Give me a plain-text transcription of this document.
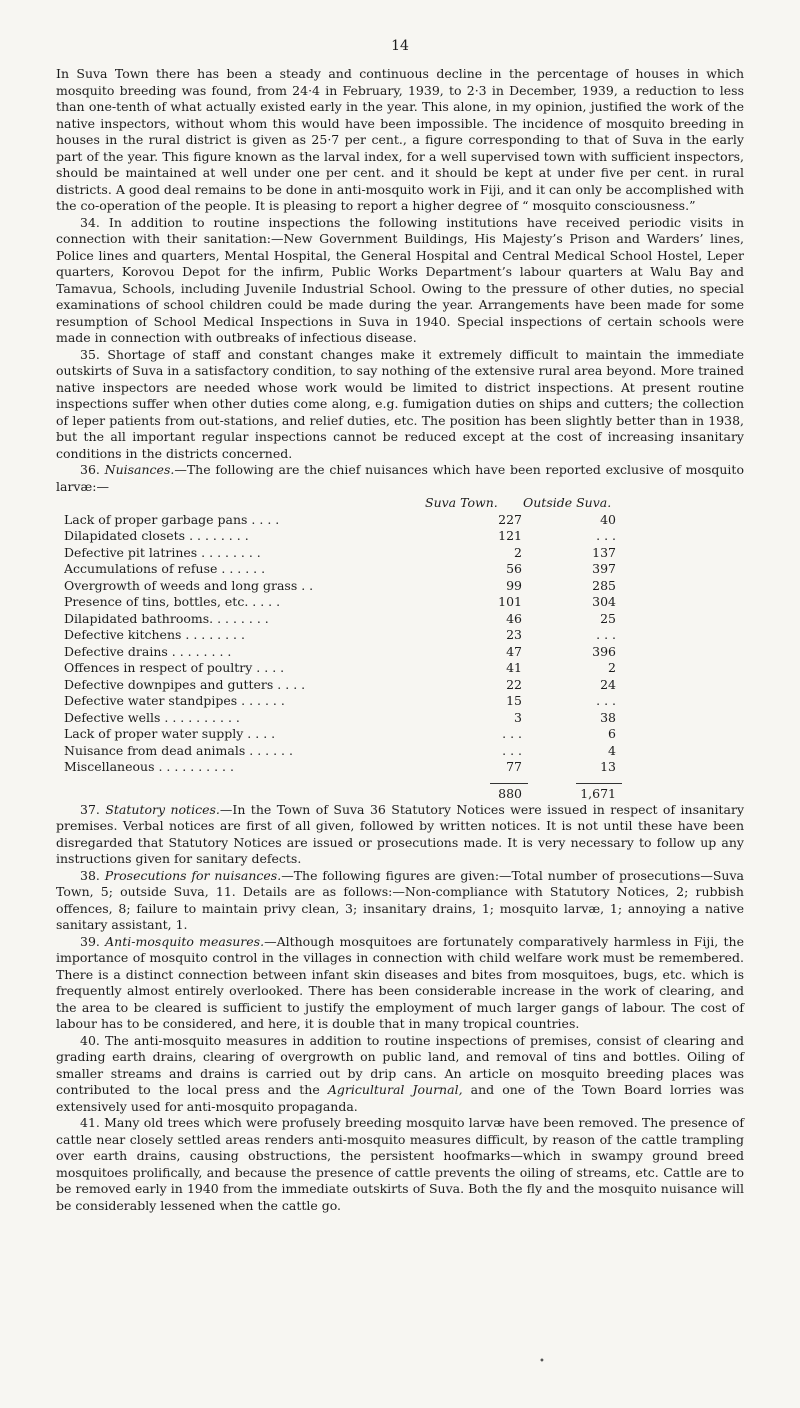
14

In Suva Town there has been a steady and continuous decline in the percentage of houses in which mosquito breeding was found, from 24·4 in February, 1939, to 2·3 in December, 1939, a reduction to less than one-tenth of what actually existed early in the year. This alone, in my opinion, justified the work of the native inspectors, without whom this would have been impossible. The incidence of mosquito breeding in houses in the rural district is given as 25·7 per cent., a figure corresponding to that of Suva in the early part of the year. This figure known as the larval index, for a well supervised town with sufficient inspectors, should be maintained at well under one per cent. and it should be kept at under five per cent. in rural districts. A good deal remains to be done in anti-mosquito work in Fiji, and it can only be accomplished with the co-operation of the people. It is pleasing to report a higher degree of “ mosquito consciousness.”

34. In addition to routine inspections the following institutions have received periodic visits in connection with their sanitation:—New Government Buildings, His Majesty’s Prison and Warders’ lines, Police lines and quarters, Mental Hospital, the General Hospital and Central Medical School Hostel, Leper quarters, Korovou Depot for the infirm, Public Works Department’s labour quarters at Walu Bay and Tamavua, Schools, including Juvenile Industrial School. Owing to the pressure of other duties, no special examinations of school children could be made during the year. Arrangements have been made for some resumption of School Medical Inspections in Suva in 1940. Special inspections of certain schools were made in connection with outbreaks of infectious disease.

35. Shortage of staff and constant changes make it extremely difficult to maintain the immediate outskirts of Suva in a satisfactory condition, to say nothing of the extensive rural area beyond. More trained native inspectors are needed whose work would be limited to district inspections. At present routine inspections suffer when other duties come along, e.g. fumigation duties on ships and cutters; the collection of leper patients from out-stations, and relief duties, etc. The position has been slightly better than in 1938, but the all important regular inspections cannot be reduced except at the cost of increasing insanitary conditions in the districts concerned.

36. Nuisances.—The following are the chief nuisances which have been reported exclusive of mosquito larvæ:—

Suva Town. Outside Suva.
Lack of proper garbage pans . . . .	227	40
Dilapidated closets . . . . . . . .	121	. . .
Defective pit latrines . . . . . . . .	2	137
Accumulations of refuse . . . . . .	56	397
Overgrowth of weeds and long grass . .	99	285
Presence of tins, bottles, etc. . . . .	101	304
Dilapidated bathrooms. . . . . . . .	46	25
Defective kitchens . . . . . . . .	23	. . .
Defective drains . . . . . . . .	47	396
Offences in respect of poultry . . . .	41	2
Defective downpipes and gutters . . . .	22	24
Defective water standpipes . . . . . .	15	. . .
Defective wells . . . . . . . . . .	3	38
Lack of proper water supply . . . .	. . .	6
Nuisance from dead animals . . . . . .	. . .	4
Miscellaneous . . . . . . . . . .	77	13
880	1,671

37. Statutory notices.—In the Town of Suva 36 Statutory Notices were issued in respect of insanitary premises. Verbal notices are first of all given, followed by written notices. It is not until these have been disregarded that Statutory Notices are issued or prosecutions made. It is very necessary to follow up any instructions given for sanitary defects.

38. Prosecutions for nuisances.—The following figures are given:—Total number of prosecutions—Suva Town, 5; outside Suva, 11. Details are as follows:—Non-compliance with Statutory Notices, 2; rubbish offences, 8; failure to maintain privy clean, 3; insanitary drains, 1; mosquito larvæ, 1; annoying a native sanitary assistant, 1.

39. Anti-mosquito measures.—Although mosquitoes are fortunately comparatively harmless in Fiji, the importance of mosquito control in the villages in connection with child welfare work must be remembered. There is a distinct connection between infant skin diseases and bites from mosquitoes, bugs, etc. which is frequently almost entirely overlooked. There has been considerable increase in the work of clearing, and the area to be cleared is sufficient to justify the employment of much larger gangs of labour. The cost of labour has to be considered, and here, it is double that in many tropical countries.

40. The anti-mosquito measures in addition to routine inspections of premises, consist of clearing and grading earth drains, clearing of overgrowth on public land, and removal of tins and bottles. Oiling of smaller streams and drains is carried out by drip cans. An article on mosquito breeding places was contributed to the local press and the Agricultural Journal, and one of the Town Board lorries was extensively used for anti-mosquito propaganda.

41. Many old trees which were profusely breeding mosquito larvæ have been removed. The presence of cattle near closely settled areas renders anti-mosquito measures difficult, by reason of the cattle trampling over earth drains, causing obstructions, the persistent hoofmarks—which in swampy ground breed mosquitoes prolifically, and because the presence of cattle prevents the oiling of streams, etc. Cattle are to be removed early in 1940 from the immediate outskirts of Suva. Both the fly and the mosquito nuisance will be considerably lessened when the cattle go.

•
